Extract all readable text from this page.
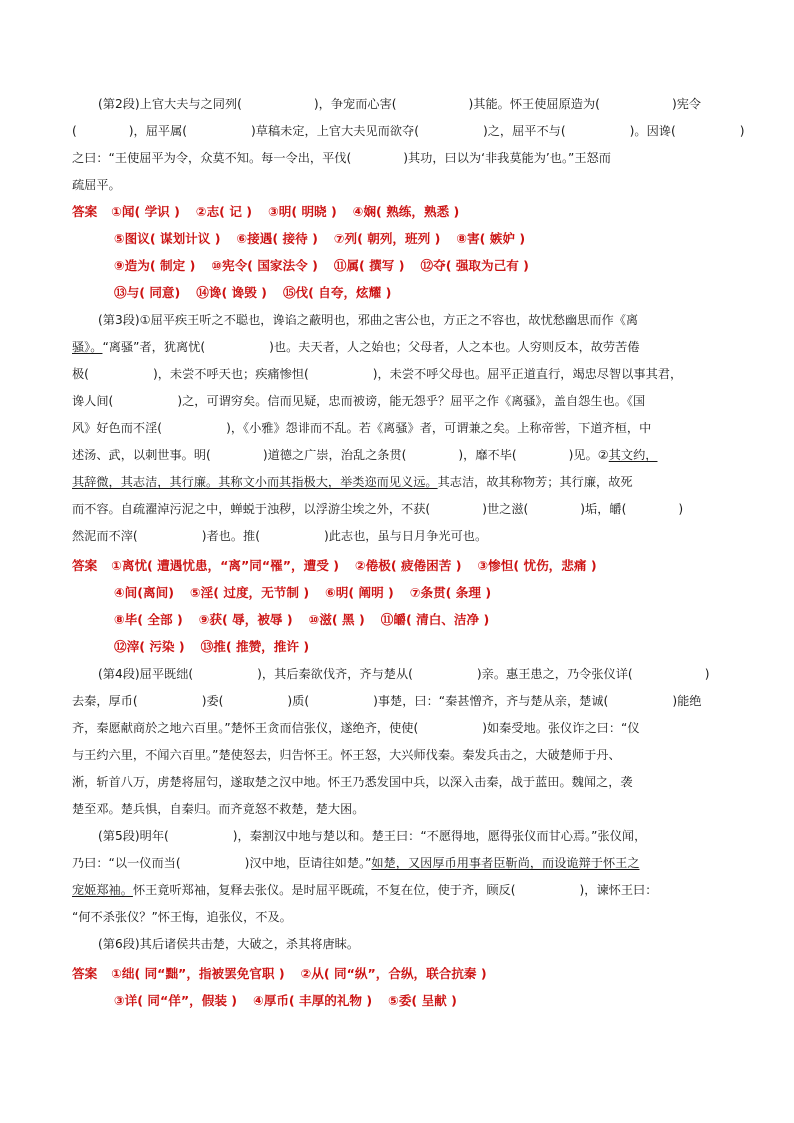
(第2段)上官大夫与之同列(	)，争宠而心害(	)其能。怀王使屈原造为(	)宪令
(	)，屈平属(	)草稿未定，上官大夫见而欲夺(	)之，屈平不与(	)。因谗(	)
之曰：“王使屈平为令，众莫不知。每一令出，平伐(	)其功，曰以为‘非我莫能为’也。”王怒而
疏屈平。
答案 ①闻( 学识 ) ②志( 记 ) ③明( 明晓 ) ④娴( 熟练，熟悉 )
⑤图议( 谋划计议 ) ⑥接遇( 接待 ) ⑦列( 朝列，班列 ) ⑧害( 嫉妒 )
⑨造为( 制定 ) ⑩宪令( 国家法令 ) ⑪属( 撰写 ) ⑫夺( 强取为己有 )
⑬与( 同意) ⑭谗( 谗毁 ) ⑮伐( 自夸，炫耀 )
(第3段)①屈平疾王听之不聪也，谗谄之蔽明也，邪曲之害公也，方正之不容也，故忧愁幽思而作《离
骚》。“离骚”者，犹离忧(	)也。夫天者，人之始也；父母者，人之本也。人穷则反本，故劳苦倦
极(	)，未尝不呼天也；疾痛惨怛(	)，未尝不呼父母也。屈平正道直行，竭忠尽智以事其君，
谗人间(	)之，可谓穷矣。信而见疑，忠而被谤，能无怨乎？屈平之作《离骚》，盖自怨生也。《国
风》好色而不淫(	)，《小雅》怨诽而不乱。若《离骚》者，可谓兼之矣。上称帝喾，下道齐桓，中
述汤、武，以刺世事。明(	)道德之广崇，治乱之条贯(	)，靡不毕(	)见。②其文约，
其辞微，其志洁，其行廉。其称文小而其指极大，举类迩而见义远。其志洁，故其称物芳；其行廉，故死
而不容。自疏濯淖污泥之中，蝉蜕于浊秽，以浮游尘埃之外，不获(	)世之滋(	)垢，皭(	)
然泥而不滓(	)者也。推(	)此志也，虽与日月争光可也。
答案 ①离忧( 遭遇忧患，“离”同“罹”，遭受 ) ②倦极( 疲倦困苦 ) ③惨怛( 忧伤，悲痛 )
④间(离间) ⑤淫( 过度，无节制 ) ⑥明( 阐明 ) ⑦条贯( 条理 )
⑧毕( 全部 ) ⑨获( 辱，被辱 ) ⑩滋( 黑 ) ⑪皭( 清白、洁净 )
⑫滓( 污染 ) ⑬推( 推赞，推许 )
(第4段)屈平既绌(	)，其后秦欲伐齐，齐与楚从(	)亲。惠王患之，乃令张仪详(	)
去秦，厚币(	)委(	)质(	)事楚，曰：“秦甚憎齐，齐与楚从亲，楚诚(	)能绝
齐，秦愿献商於之地六百里。”楚怀王贪而信张仪，遂绝齐，使使(	)如秦受地。张仪诈之曰：“仪
与王约六里，不闻六百里。”楚使怒去，归告怀王。怀王怒，大兴师伐秦。秦发兵击之，大破楚师于丹、
淅，斩首八万，虏楚将屈匄，遂取楚之汉中地。怀王乃悉发国中兵，以深入击秦，战于蓝田。魏闻之，袭
楚至邓。楚兵惧，自秦归。而齐竟怒不救楚，楚大困。
(第5段)明年(	)，秦割汉中地与楚以和。楚王曰：“不愿得地，愿得张仪而甘心焉。”张仪闻，
乃曰：“以一仪而当(	)汉中地，臣请往如楚。”如楚，又因厚币用事者臣靳尚，而设诡辩于怀王之
宠姬郑袖。怀王竟听郑袖，复释去张仪。是时屈平既疏，不复在位，使于齐，顾反(	)，谏怀王曰：
“何不杀张仪？”怀王悔，追张仪，不及。
(第6段)其后诸侯共击楚，大破之，杀其将唐眜。
答案 ①绌( 同“黜”，指被罢免官职 ) ②从( 同“纵”，合纵，联合抗秦 )
③详( 同“佯”，假装 ) ④厚币( 丰厚的礼物 ) ⑤委( 呈献 )
